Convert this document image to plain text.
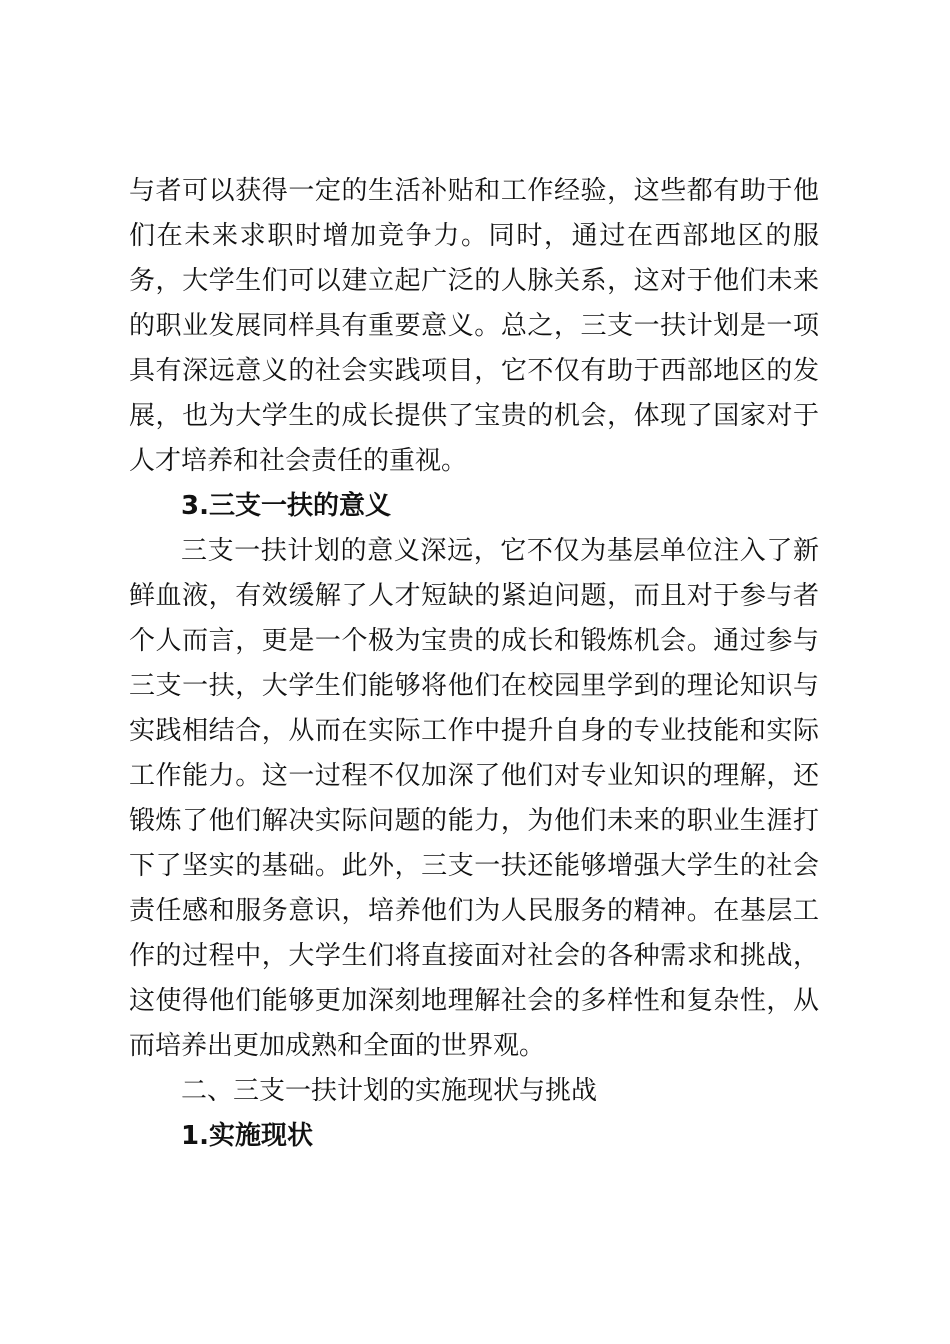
与者可以获得一定的生活补贴和工作经验，这些都有助于他们在未来求职时增加竞争力。同时，通过在西部地区的服务，大学生们可以建立起广泛的人脉关系，这对于他们未来的职业发展同样具有重要意义。总之，三支一扶计划是一项具有深远意义的社会实践项目，它不仅有助于西部地区的发展，也为大学生的成长提供了宝贵的机会，体现了国家对于人才培养和社会责任的重视。

3.三支一扶的意义

三支一扶计划的意义深远，它不仅为基层单位注入了新鲜血液，有效缓解了人才短缺的紧迫问题，而且对于参与者个人而言，更是一个极为宝贵的成长和锻炼机会。通过参与三支一扶，大学生们能够将他们在校园里学到的理论知识与实践相结合，从而在实际工作中提升自身的专业技能和实际工作能力。这一过程不仅加深了他们对专业知识的理解，还锻炼了他们解决实际问题的能力，为他们未来的职业生涯打下了坚实的基础。此外，三支一扶还能够增强大学生的社会责任感和服务意识，培养他们为人民服务的精神。在基层工作的过程中，大学生们将直接面对社会的各种需求和挑战，这使得他们能够更加深刻地理解社会的多样性和复杂性，从而培养出更加成熟和全面的世界观。

二、三支一扶计划的实施现状与挑战

1.实施现状
